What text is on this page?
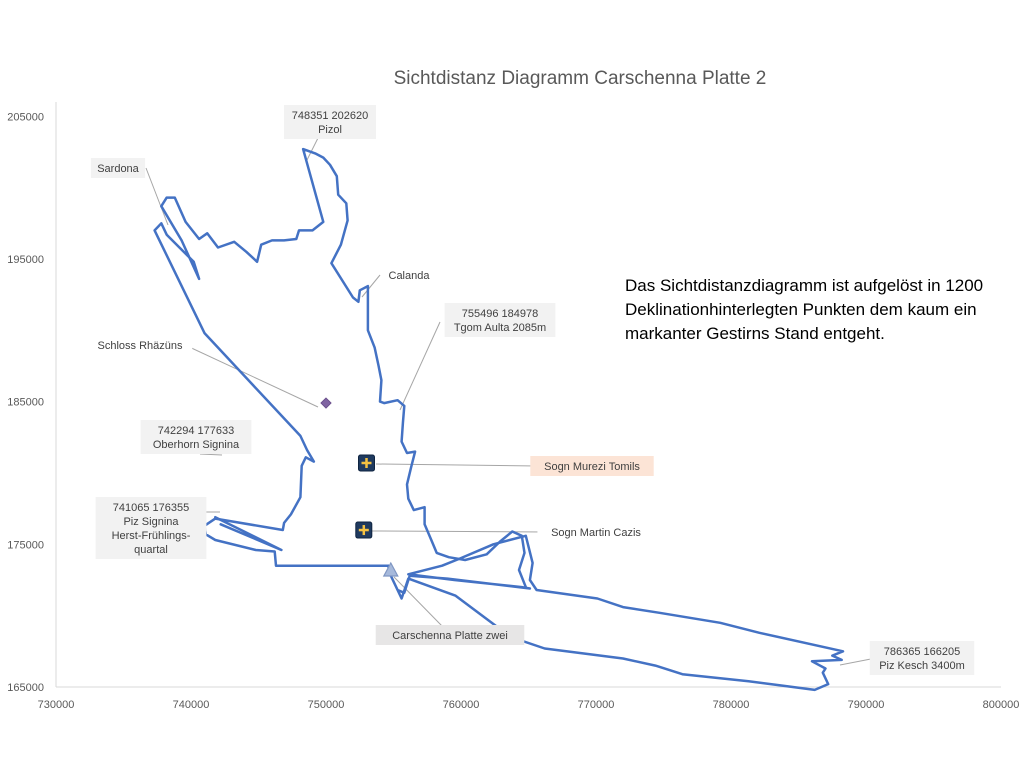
Sichtdistanz Diagramm Carschenna Platte 2
730000	740000	750000	760000	770000	780000	790000	800000
165000
175000
185000
195000
205000	748351 202620
Pizol
Sardona
Calanda
755496 184978
Tgom Aulta 2085m
Schloss Rhäzüns
742294 177633
Oberhorn Signina
741065 176355
Piz Signina
Herst-Frühlings-
quartal
Sogn Murezi Tomils
Sogn Martin Cazis
Carschenna Platte zwei
786365 166205
Piz Kesch 3400m
Das Sichtdistanzdiagramm ist aufgelöst in 1200 Deklinationhinterlegten Punkten dem kaum ein markanter Gestirns Stand entgeht.
